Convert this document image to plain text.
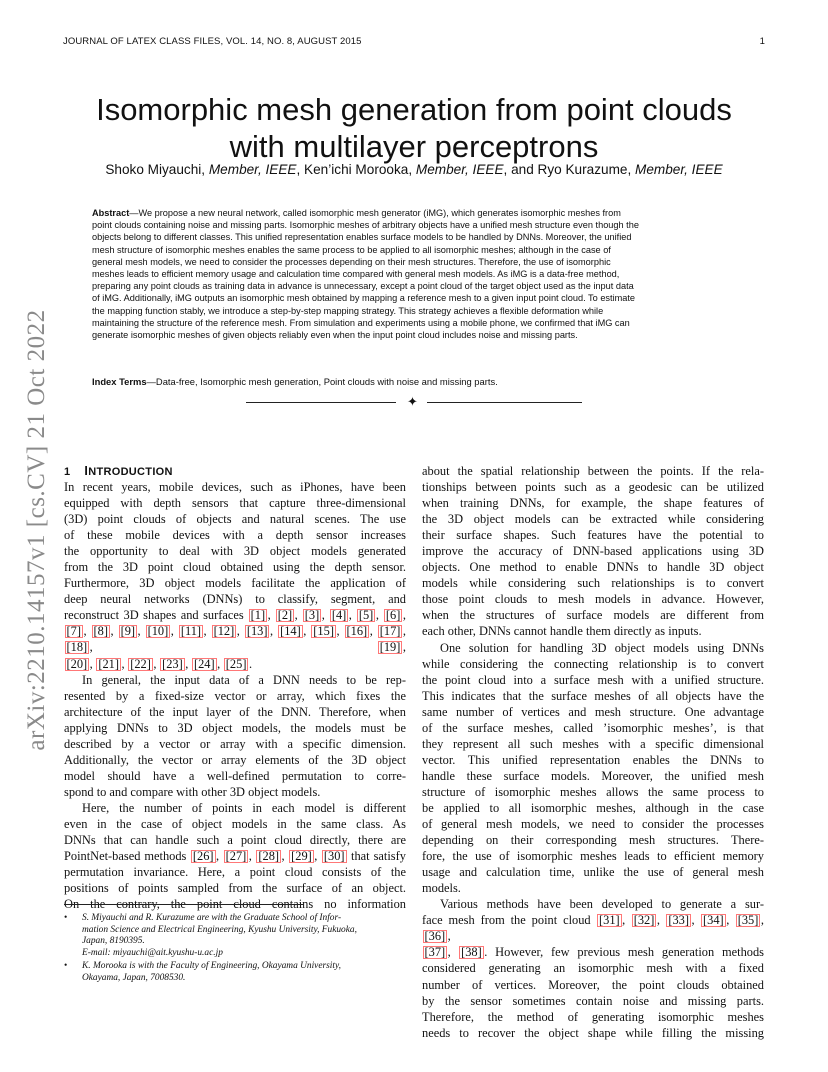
JOURNAL OF LATEX CLASS FILES, VOL. 14, NO. 8, AUGUST 2015	1
arXiv:2210.14157v1 [cs.CV] 21 Oct 2022
Isomorphic mesh generation from point clouds
with multilayer perceptrons
Shoko Miyauchi, Member, IEEE, Ken’ichi Morooka, Member, IEEE, and Ryo Kurazume, Member, IEEE
Abstract—We propose a new neural network, called isomorphic mesh generator (iMG), which generates isomorphic meshes from
point clouds containing noise and missing parts. Isomorphic meshes of arbitrary objects have a unified mesh structure even though the
objects belong to different classes. This unified representation enables surface models to be handled by DNNs. Moreover, the unified
mesh structure of isomorphic meshes enables the same process to be applied to all isomorphic meshes; although in the case of
general mesh models, we need to consider the processes depending on their mesh structures. Therefore, the use of isomorphic
meshes leads to efficient memory usage and calculation time compared with general mesh models. As iMG is a data-free method,
preparing any point clouds as training data in advance is unnecessary, except a point cloud of the target object used as the input data
of iMG. Additionally, iMG outputs an isomorphic mesh obtained by mapping a reference mesh to a given input point cloud. To estimate
the mapping function stably, we introduce a step-by-step mapping strategy. This strategy achieves a flexible deformation while
maintaining the structure of the reference mesh. From simulation and experiments using a mobile phone, we confirmed that iMG can
generate isomorphic meshes of given objects reliably even when the input point cloud includes noise and missing parts.
Index Terms—Data-free, Isomorphic mesh generation, Point clouds with noise and missing parts.
✦
1 INTRODUCTION
In recent years, mobile devices, such as iPhones, have been
equipped with depth sensors that capture three-dimensional
(3D) point clouds of objects and natural scenes. The use
of these mobile devices with a depth sensor increases
the opportunity to deal with 3D object models generated
from the 3D point cloud obtained using the depth sensor.
Furthermore, 3D object models facilitate the application of
deep neural networks (DNNs) to classify, segment, and
reconstruct 3D shapes and surfaces [1] , [2] , [3] , [4] , [5] , [6] ,
[7] , [8] , [9] , [10] , [11] , [12] , [13] , [14] , [15] , [16] , [17] , [18] , [19] ,
[20] , [21] , [22] , [23] , [24] , [25] .
In general, the input data of a DNN needs to be rep-
resented by a fixed-size vector or array, which fixes the
architecture of the input layer of the DNN. Therefore, when
applying DNNs to 3D object models, the models must be
described by a vector or array with a specific dimension.
Additionally, the vector or array elements of the 3D object
model should have a well-defined permutation to corre-
spond to and compare with other 3D object models.
Here, the number of points in each model is different
even in the case of object models in the same class. As
DNNs that can handle such a point cloud directly, there are
PointNet-based methods [26] , [27] , [28] , [29] , [30] that satisfy
permutation invariance. Here, a point cloud consists of the
positions of points sampled from the surface of an object.
On the contrary, the point cloud contains no information
about the spatial relationship between the points. If the rela-
tionships between points such as a geodesic can be utilized
when training DNNs, for example, the shape features of
the 3D object models can be extracted while considering
their surface shapes. Such features have the potential to
improve the accuracy of DNN-based applications using 3D
objects. One method to enable DNNs to handle 3D object
models while considering such relationships is to convert
those point clouds to mesh models in advance. However,
when the structures of surface models are different from
each other, DNNs cannot handle them directly as inputs.
One solution for handling 3D object models using DNNs
while considering the connecting relationship is to convert
the point cloud into a surface mesh with a unified structure.
This indicates that the surface meshes of all objects have the
same number of vertices and mesh structure. One advantage
of the surface meshes, called ’isomorphic meshes’, is that
they represent all such meshes with a specific dimensional
vector. This unified representation enables the DNNs to
handle these surface models. Moreover, the unified mesh
structure of isomorphic meshes allows the same process to
be applied to all isomorphic meshes, although in the case
of general mesh models, we need to consider the processes
depending on their corresponding mesh structures. There-
fore, the use of isomorphic meshes leads to efficient memory
usage and calculation time, unlike the use of general mesh
models.
Various methods have been developed to generate a sur-
face mesh from the point cloud [31] , [32] , [33] , [34] , [35] , [36] ,
[37] , [38] . However, few previous mesh generation methods
considered generating an isomorphic mesh with a fixed
number of vertices. Moreover, the point clouds obtained
by the sensor sometimes contain noise and missing parts.
Therefore, the method of generating isomorphic meshes
needs to recover the object shape while filling the missing
• S. Miyauchi and R. Kurazume are with the Graduate School of Infor-
mation Science and Electrical Engineering, Kyushu University, Fukuoka,
Japan, 8190395.
E-mail: miyauchi@ait.kyushu-u.ac.jp
• K. Morooka is with the Faculty of Engineering, Okayama University,
Okayama, Japan, 7008530.
